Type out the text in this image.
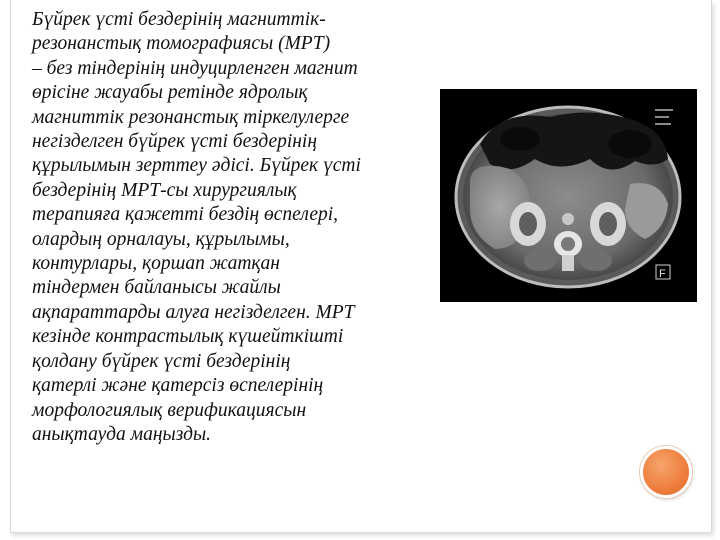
Бүйрек үсті бездерінің магниттік-
резонанстық томографиясы (МРТ)
– без тіндерінің индуцирленген магнит
өрісіне жауабы ретінде ядролық
магниттік резонанстық тіркелулерге
негізделген бүйрек үсті бездерінің
құрылымын зерттеу әдісі. Бүйрек үсті
бездерінің МРТ-сы хирургиялық
терапияға қажетті бездің өспелері,
олардың орналауы, құрылымы,
контурлары, қоршап жатқан
тіндермен байланысы жайлы
ақпараттарды алуға негізделген. МРТ
кезінде контрастылық күшейткішті
қолдану бүйрек үсті бездерінің
қатерлі және қатерсіз өспелерінің
морфологиялық верификациясын
анықтауда маңызды.

F
